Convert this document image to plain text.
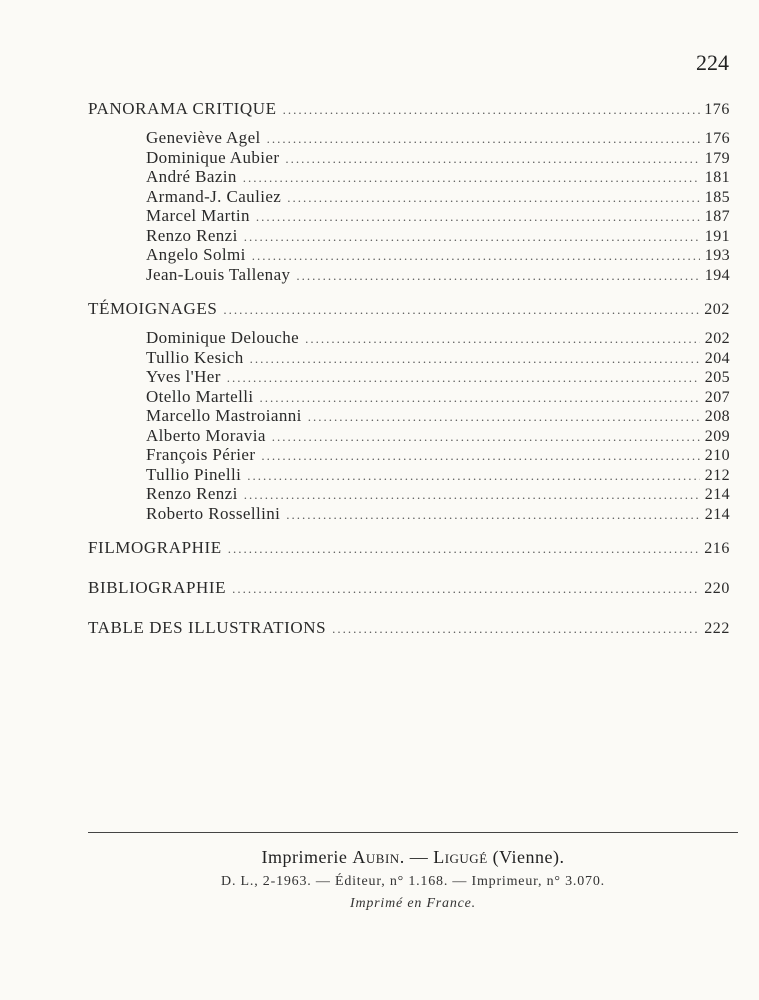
224
PANORAMA CRITIQUE .....	176
Geneviève Agel .....	176
Dominique Aubier .....	179
André Bazin .....	181
Armand-J. Cauliez .....	185
Marcel Martin .....	187
Renzo Renzi .....	191
Angelo Solmi .....	193
Jean-Louis Tallenay .....	194
TÉMOIGNAGES .....	202
Dominique Delouche .....	202
Tullio Kesich .....	204
Yves l'Her .....	205
Otello Martelli .....	207
Marcello Mastroianni .....	208
Alberto Moravia .....	209
François Périer .....	210
Tullio Pinelli .....	212
Renzo Renzi .....	214
Roberto Rossellini .....	214
FILMOGRAPHIE .....	216
BIBLIOGRAPHIE .....	220
TABLE DES ILLUSTRATIONS .....	222
Imprimerie Aubin. — Ligugé (Vienne).
D. L., 2-1963. — Éditeur, n° 1.168. — Imprimeur, n° 3.070.
Imprimé en France.
